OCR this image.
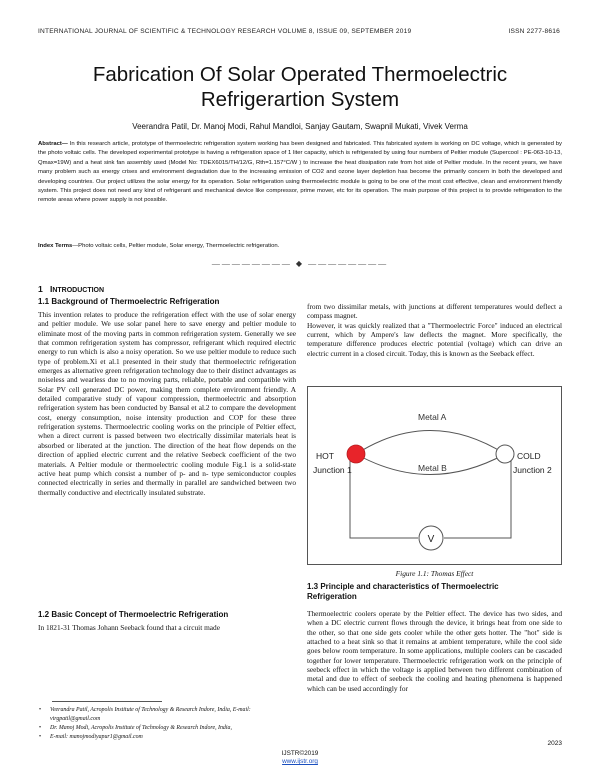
INTERNATIONAL JOURNAL OF SCIENTIFIC & TECHNOLOGY RESEARCH VOLUME 8, ISSUE 09, SEPTEMBER 2019	ISSN 2277-8616
Fabrication Of Solar Operated Thermoelectric
Refrigerartion System
Veerandra Patil, Dr. Manoj Modi, Rahul Mandloi, Sanjay Gautam, Swapnil Mukati, Vivek Verma
Abstract— In this research article, prototype of thermoelectric refrigeration system working has been designed and fabricated. This fabricated system is working on DC voltage, which is generated by the photo voltaic cells. The developed experimental prototype is having a refrigeration space of 1 liter capacity, which is refrigerated by using four numbers of Peltier module (Supercool : PE-063-10-13, Qmax=19W) and a heat sink fan assembly used (Model No: TDEX6015/TH/12/G, Rth=1.157°C/W ) to increase the heat dissipation rate from hot side of Peltier module. In the recent years, we have many problem such as energy crises and environment degradation due to the increasing emission of CO2 and ozone layer depletion has become the primarily concern in both the developed and developing countries. Our project utilizes the solar energy for its operation. Solar refrigeration using thermoelectric module is going to be one of the most cost effective, clean and environment friendly system. This project does not need any kind of refrigerant and mechanical device like compressor, prime mover, etc for its operation. The main purpose of this project is to provide refrigeration to the remote areas where power supply is not possible.
Index Terms—Photo voltaic cells, Peltier module, Solar energy, Thermoelectric refrigeration.
———————— ◆ ————————
1 INTRODUCTION
1.1 Background of Thermoelectric Refrigeration

This invention relates to produce the refrigeration effect with the use of solar energy and peltier module. We use solar panel here to save energy and peltier module to eliminate most of the moving parts in common refrigeration system. Generally we see that common refrigeration system has compressor, refrigerant which required electric energy to run which is also a noisy operation. So we use peltier module to reduce such type of problem.Xi et al.1 presented in their study that thermoelectric refrigeration emerges as alternative green refrigeration technology due to their distinct advantages as noiseless and wearless due to no moving parts, reliable, portable and compatible with Solar PV cell generated DC power, making them complete environment friendly. A detailed comparative study of vapour compression, thermoelectric and absorption refrigeration system has been conducted by Bansal et al.2 to compare the development cost, energy consumption, noise intensity production and COP for these three refrigeration systems. Thermoelectric cooling works on the principle of Peltier effect, when a direct current is passed between two electrically dissimilar materials heat is absorbed or liberated at the junction. The direction of the heat flow depends on the direction of applied electric current and the relative Seebeck coefficient of the two materials. A Peltier module or thermoelectric cooling module Fig.1 is a solid-state active heat pump which consist a number of p- and n- type semiconductor couples connected electrically in series and thermally in parallel are sandwiched between two thermally conductive and electrically insulated substrate.

1.2 Basic Concept of Thermoelectric Refrigeration

In 1821-31 Thomas Johann Seeback found that a circuit made

from two dissimilar metals, with junctions at different temperatures would deflect a compass magnet.

However, it was quickly realized that a "Thermoelectric Force" induced an electrical current, which by Ampere's law deflects the magnet. More specifically, the temperature difference produces electric potential (voltage) which can drive an electric current in a closed circuit. Today, this is known as the Seeback effect.

V
Metal A
Metal B
HOT
Junction 1
COLD
Junction 2
Figure 1.1: Thomas Effect
1.3 Principle and characteristics of Thermoelectric
Refrigeration

Thermoelectric coolers operate by the Peltier effect. The device has two sides, and when a DC electric current flows through the device, it brings heat from one side to the other, so that one side gets cooler while the other gets hotter. The "hot" side is attached to a heat sink so that it remains at ambient temperature, while the cool side goes below room temperature. In some applications, multiple coolers can be cascaded together for lower temperature. Thermoelectric refrigeration work on the principle of seebeck effect in which the voltage is applied between two different combination of metal and due to effect of seebeck the cooling and heating phenomena is happened which can be used accordingly for

• Veerandra Patil, Acropolis Institute of Technology & Research Indore, India, E-mail: virgpatil@gmail.com
• Dr. Manoj Modi, Acropolis Institute of Technology & Research Indore, India,
• E-mail: manojmodiyapur1@gmail.com
2023
IJSTR©2019
www.ijstr.org
